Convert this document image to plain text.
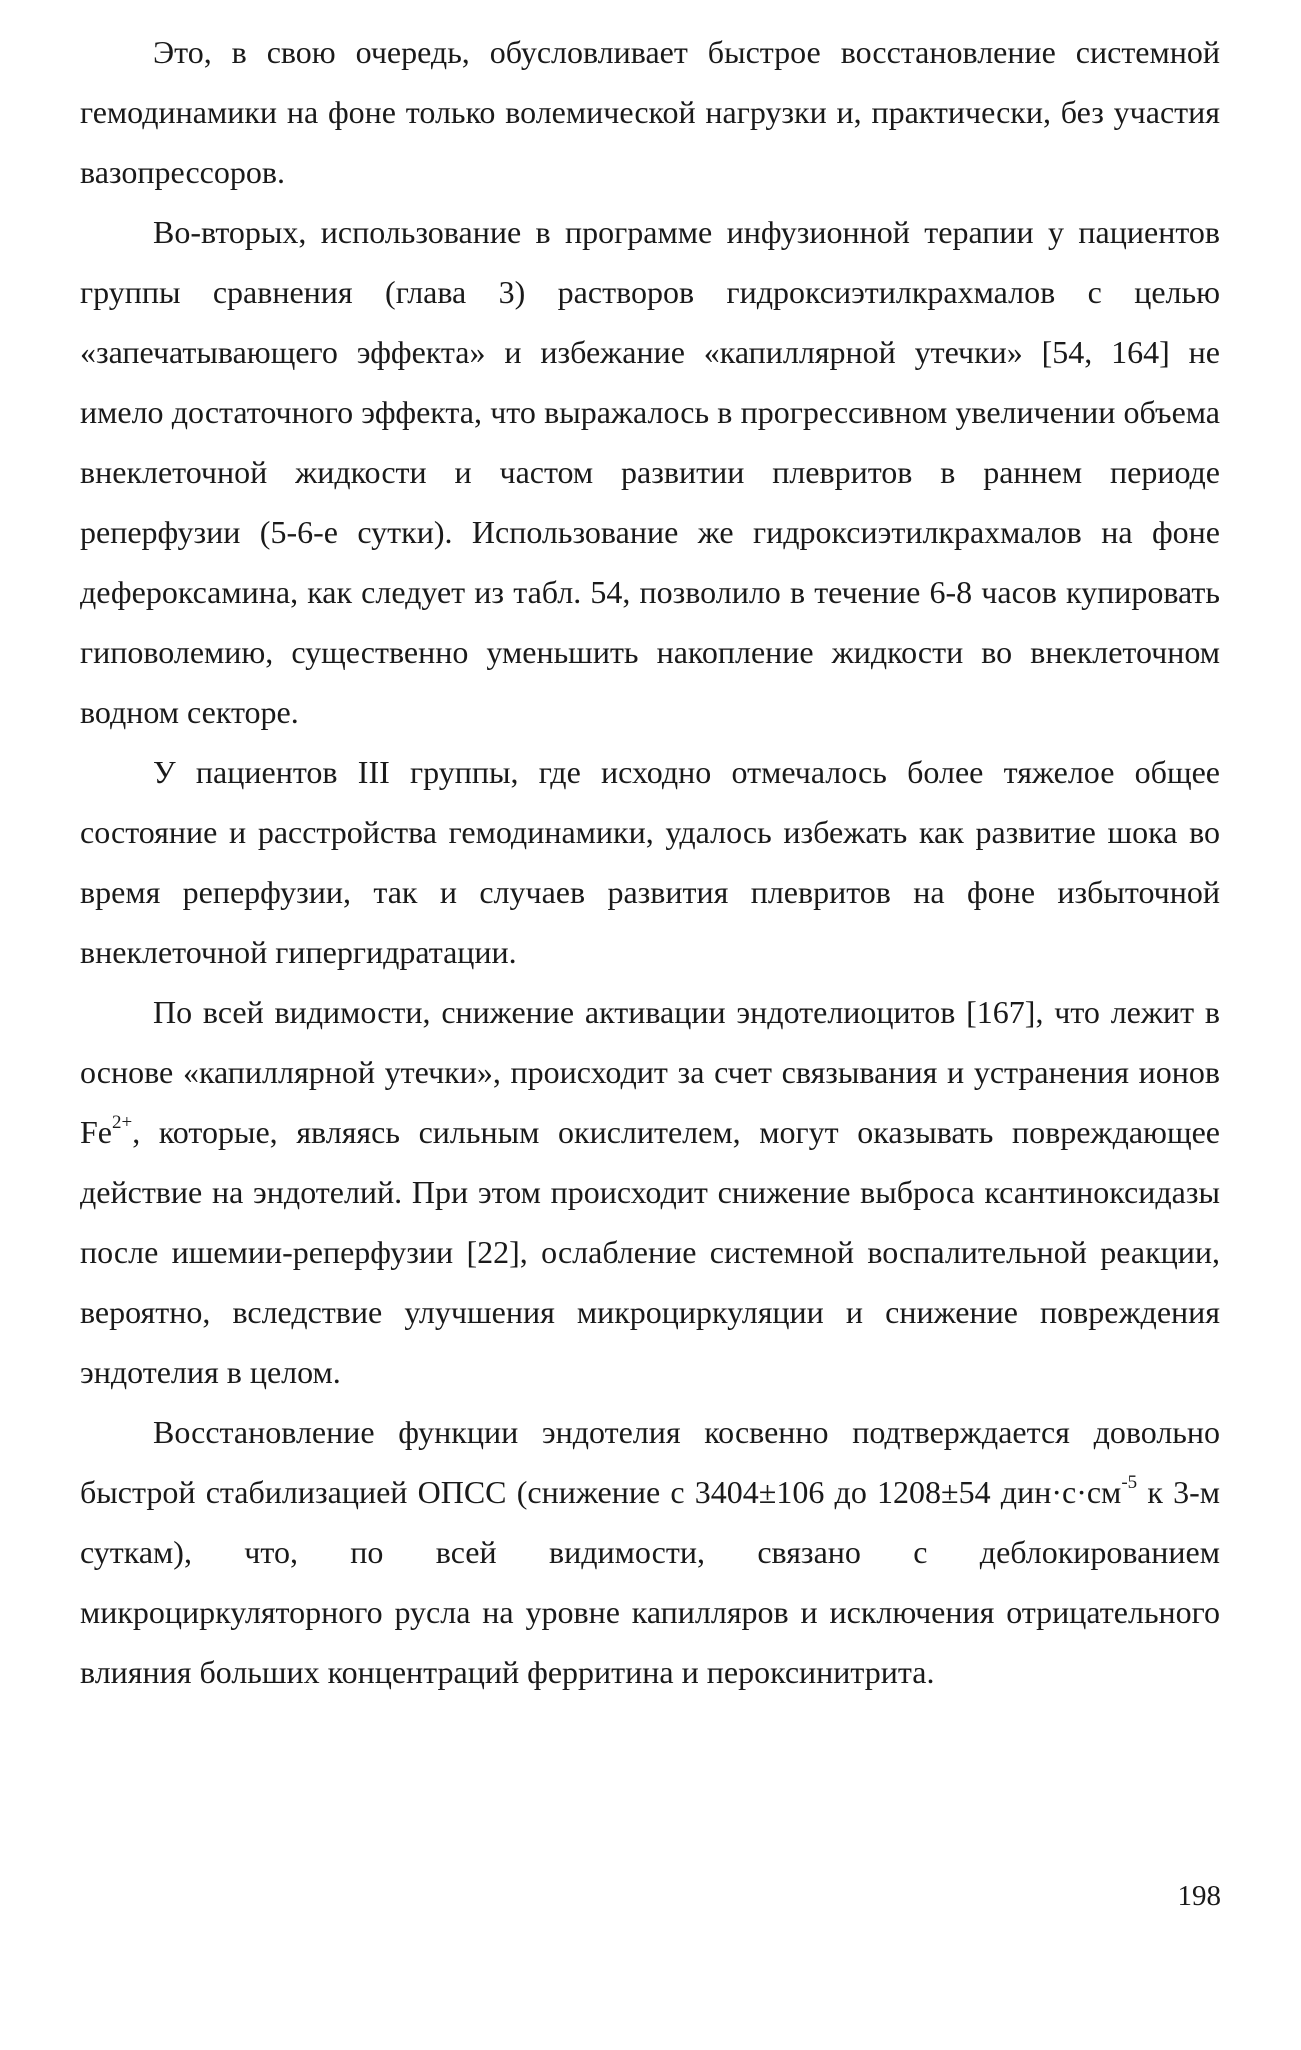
Это, в свою очередь, обусловливает быстрое восстановление системной гемодинамики на фоне только волемической нагрузки и, практически, без участия вазопрессоров.

Во-вторых, использование в программе инфузионной терапии у пациентов группы сравнения (глава 3) растворов гидроксиэтилкрахмалов с целью «запечатывающего эффекта» и избежание «капиллярной утечки» [54, 164] не имело достаточного эффекта, что выражалось в прогрессивном увеличении объема внеклеточной жидкости и частом развитии плевритов в раннем периоде реперфузии (5-6-е сутки). Использование же гидроксиэтилкрахмалов на фоне дефероксамина, как следует из табл. 54, позволило в течение 6-8 часов купировать гиповолемию, существенно уменьшить накопление жидкости во внеклеточном водном секторе.

У пациентов III группы, где исходно отмечалось более тяжелое общее состояние и расстройства гемодинамики, удалось избежать как развитие шока во время реперфузии, так и случаев развития плевритов на фоне избыточной внеклеточной гипергидратации.

По всей видимости, снижение активации эндотелиоцитов [167], что лежит в основе «капиллярной утечки», происходит за счет связывания и устранения ионов $Fe^{2+}$, которые, являясь сильным окислителем, могут оказывать повреждающее действие на эндотелий. При этом происходит снижение выброса ксантиноксидазы после ишемии-реперфузии [22], ослабление системной воспалительной реакции, вероятно, вследствие улучшения микроциркуляции и снижение повреждения эндотелия в целом.

Восстановление функции эндотелия косвенно подтверждается довольно быстрой стабилизацией ОПСС (снижение с 3404±106 до 1208±54 $дин\cdot с\cdot см^{-5}$ к 3-м суткам), что, по всей видимости, связано с деблокированием микроциркуляторного русла на уровне капилляров и исключения отрицательного влияния больших концентраций ферритина и пероксинитрита.

198
